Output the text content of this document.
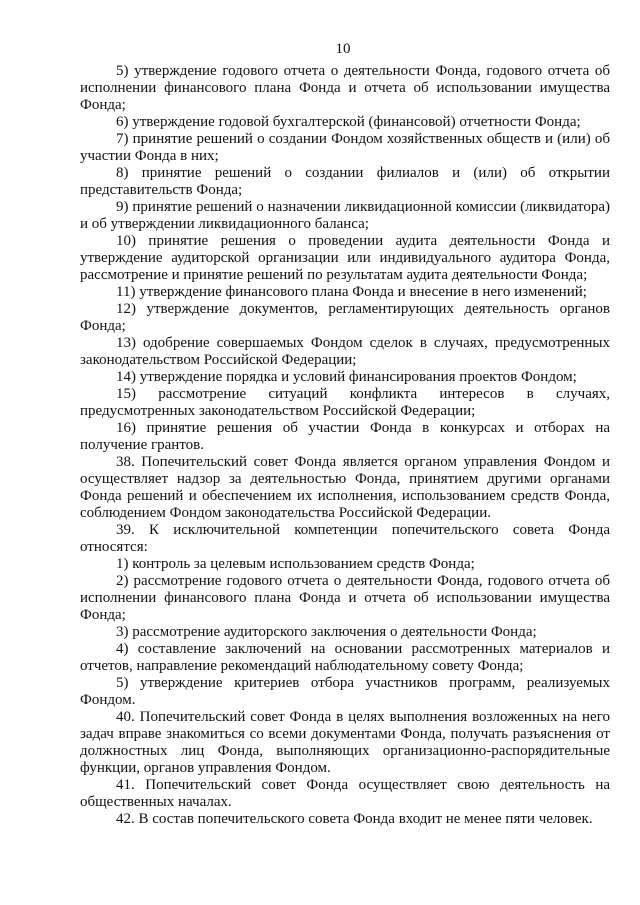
10

5) утверждение годового отчета о деятельности Фонда, годового отчета об исполнении финансового плана Фонда и отчета об использовании имущества Фонда;

6) утверждение годовой бухгалтерской (финансовой) отчетности Фонда;

7) принятие решений о создании Фондом хозяйственных обществ и (или) об участии Фонда в них;

8) принятие решений о создании филиалов и (или) об открытии представительств Фонда;

9) принятие решений о назначении ликвидационной комиссии (ликвидатора) и об утверждении ликвидационного баланса;

10) принятие решения о проведении аудита деятельности Фонда и утверждение аудиторской организации или индивидуального аудитора Фонда, рассмотрение и принятие решений по результатам аудита деятельности Фонда;

11) утверждение финансового плана Фонда и внесение в него изменений;

12) утверждение документов, регламентирующих деятельность органов Фонда;

13) одобрение совершаемых Фондом сделок в случаях, предусмотренных законодательством Российской Федерации;

14) утверждение порядка и условий финансирования проектов Фондом;

15) рассмотрение ситуаций конфликта интересов в случаях, предусмотренных законодательством Российской Федерации;

16) принятие решения об участии Фонда в конкурсах и отборах на получение грантов.

38. Попечительский совет Фонда является органом управления Фондом и осуществляет надзор за деятельностью Фонда, принятием другими органами Фонда решений и обеспечением их исполнения, использованием средств Фонда, соблюдением Фондом законодательства Российской Федерации.

39. К исключительной компетенции попечительского совета Фонда относятся:

1) контроль за целевым использованием средств Фонда;

2) рассмотрение годового отчета о деятельности Фонда, годового отчета об исполнении финансового плана Фонда и отчета об использовании имущества Фонда;

3) рассмотрение аудиторского заключения о деятельности Фонда;

4) составление заключений на основании рассмотренных материалов и отчетов, направление рекомендаций наблюдательному совету Фонда;

5) утверждение критериев отбора участников программ, реализуемых Фондом.

40. Попечительский совет Фонда в целях выполнения возложенных на него задач вправе знакомиться со всеми документами Фонда, получать разъяснения от должностных лиц Фонда, выполняющих организационно-распорядительные функции, органов управления Фондом.

41. Попечительский совет Фонда осуществляет свою деятельность на общественных началах.

42. В состав попечительского совета Фонда входит не менее пяти человек.
